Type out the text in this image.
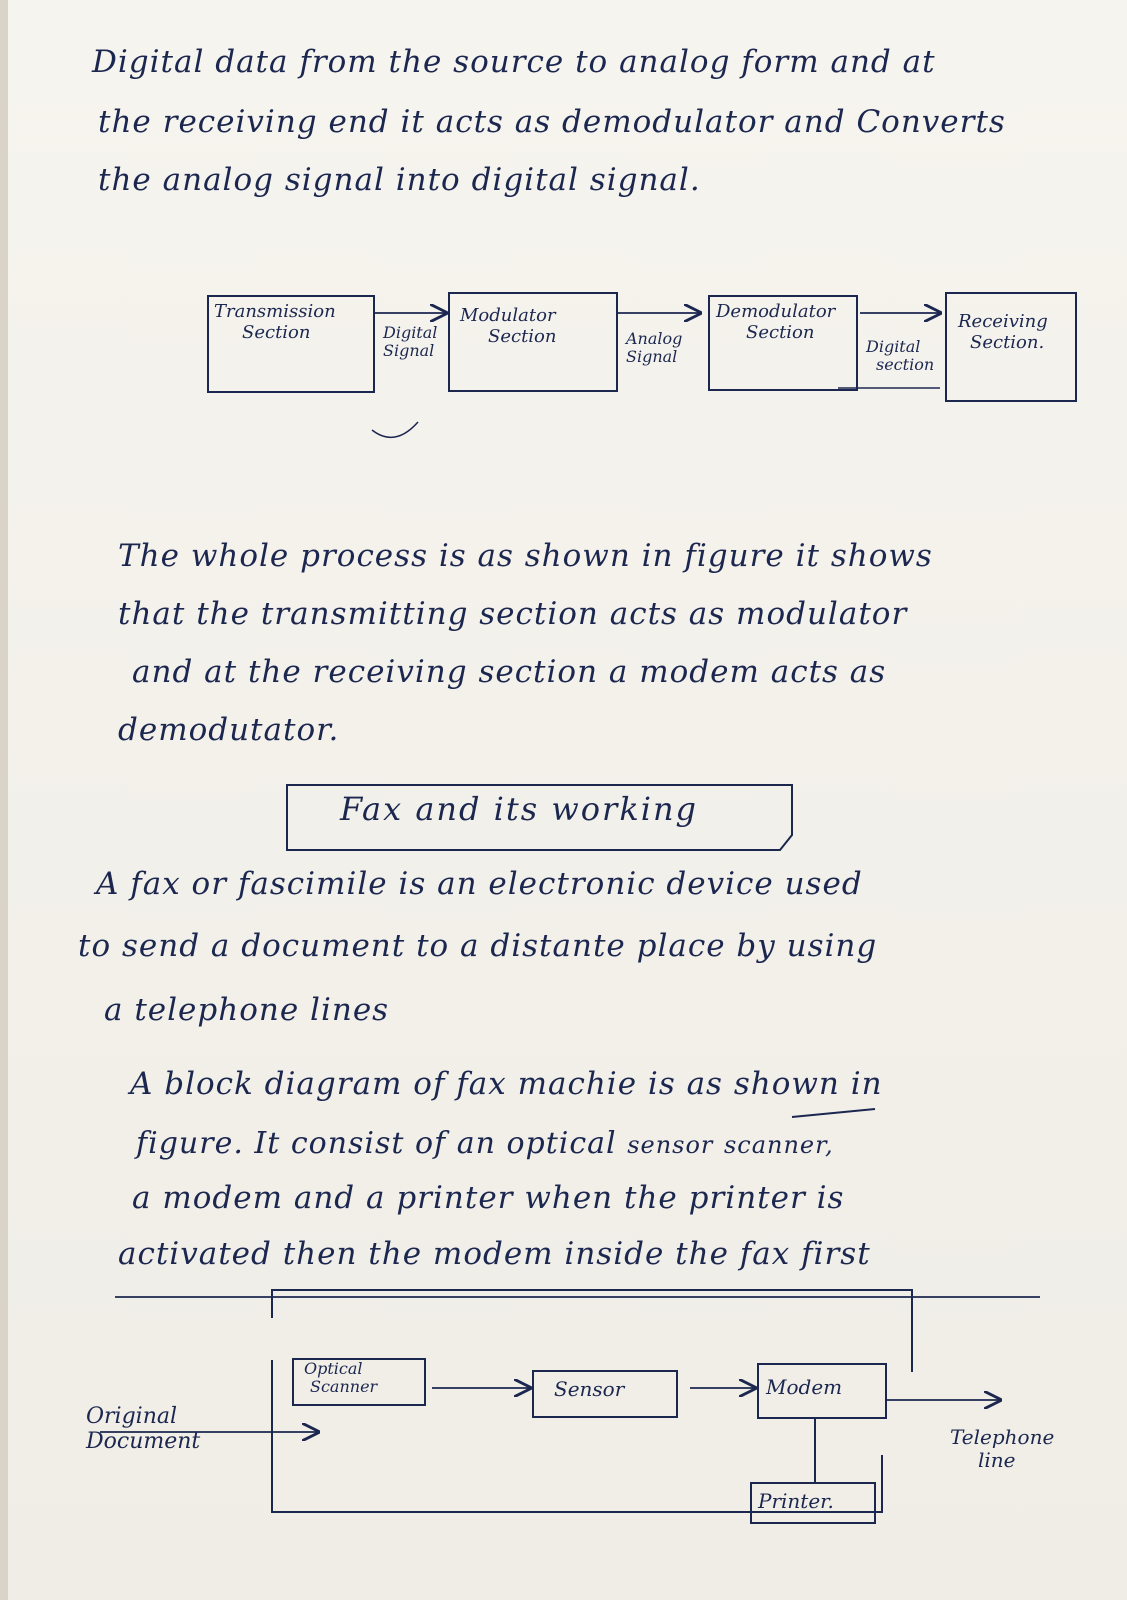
Digital data from the source to analog form and at
the receiving end it acts as demodulator and Converts
the analog signal into digital signal.
Transmission
Section	Digital
Signal
Modulator
Section	Analog
Signal
Demodulator
Section
Digital
section
Receiving
Section.
The whole process is as shown in figure it shows
that the transmitting section acts as modulator
and at the receiving section a modem acts as
demodutator.
Fax and its working
A fax or fascimile is an electronic device used
to send a document to a distante place by using
a telephone lines
A block diagram of fax machie is as shown in
figure. It consist of an optical sensor scanner,
a modem and a printer when the printer is
activated then the modem inside the fax first
Original
Document
Optical
Scanner	Sensor	Modem
Printer.
Telephone
line
